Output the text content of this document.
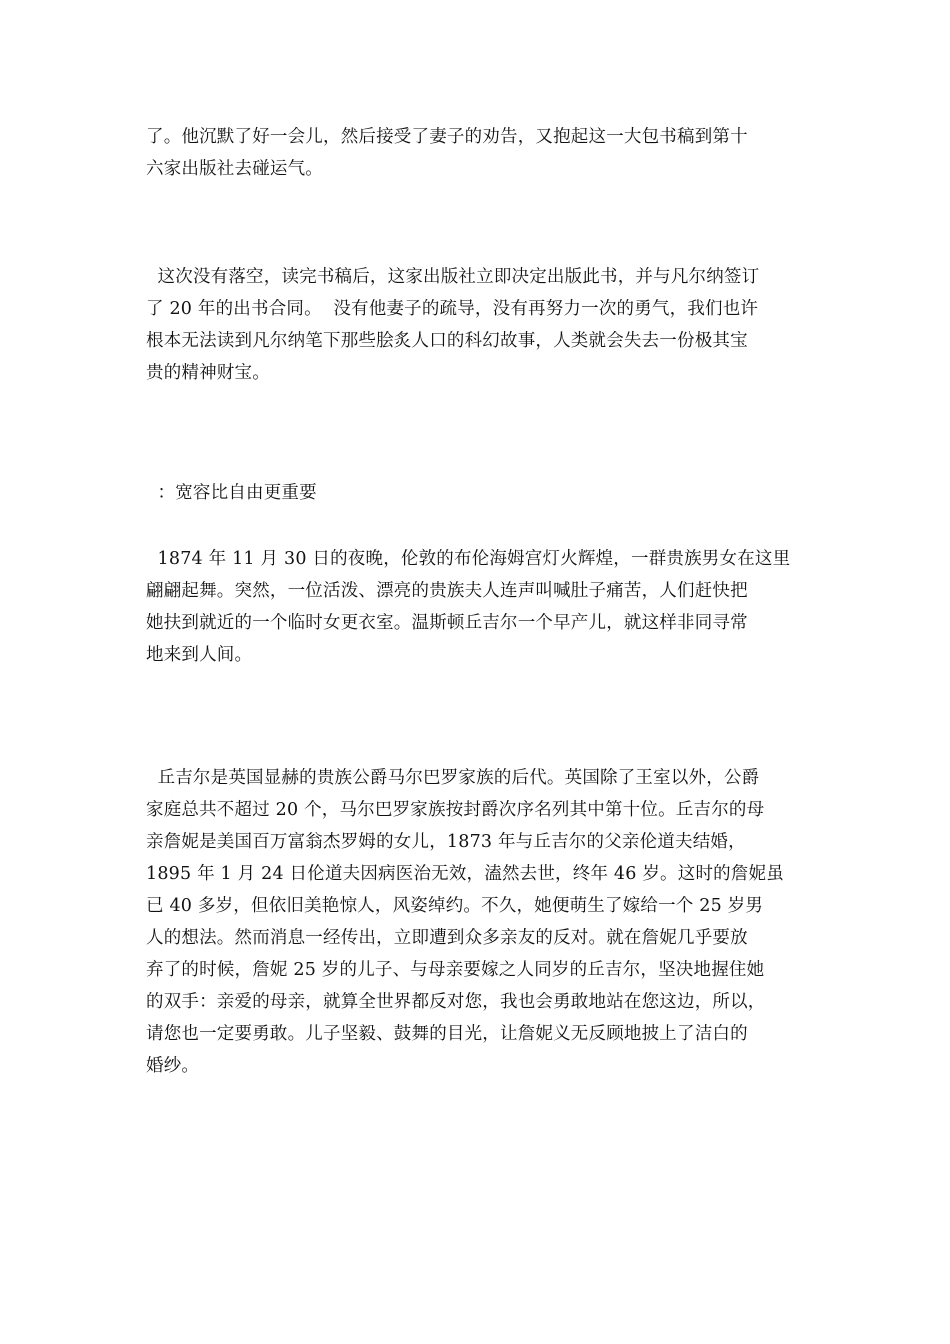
了。他沉默了好一会儿，然后接受了妻子的劝告，又抱起这一大包书稿到第十
六家出版社去碰运气。
这次没有落空，读完书稿后，这家出版社立即决定出版此书，并与凡尔纳签订
了 20 年的出书合同。  没有他妻子的疏导，没有再努力一次的勇气，我们也许
根本无法读到凡尔纳笔下那些脍炙人口的科幻故事，人类就会失去一份极其宝
贵的精神财宝。
：宽容比自由更重要
1874 年 11 月 30 日的夜晚，伦敦的布伦海姆宫灯火辉煌，一群贵族男女在这里
翩翩起舞。突然，一位活泼、漂亮的贵族夫人连声叫喊肚子痛苦，人们赶快把
她扶到就近的一个临时女更衣室。温斯顿丘吉尔一个早产儿，就这样非同寻常
地来到人间。
丘吉尔是英国显赫的贵族公爵马尔巴罗家族的后代。英国除了王室以外，公爵
家庭总共不超过 20 个，马尔巴罗家族按封爵次序名列其中第十位。丘吉尔的母
亲詹妮是美国百万富翁杰罗姆的女儿，1873 年与丘吉尔的父亲伦道夫结婚，
1895 年 1 月 24 日伦道夫因病医治无效，溘然去世，终年 46 岁。这时的詹妮虽
已 40 多岁，但依旧美艳惊人，风姿绰约。不久，她便萌生了嫁给一个 25 岁男
人的想法。然而消息一经传出，立即遭到众多亲友的反对。就在詹妮几乎要放
弃了的时候，詹妮 25 岁的儿子、与母亲要嫁之人同岁的丘吉尔，坚决地握住她
的双手：亲爱的母亲，就算全世界都反对您，我也会勇敢地站在您这边，所以，
请您也一定要勇敢。儿子坚毅、鼓舞的目光，让詹妮义无反顾地披上了洁白的
婚纱。
